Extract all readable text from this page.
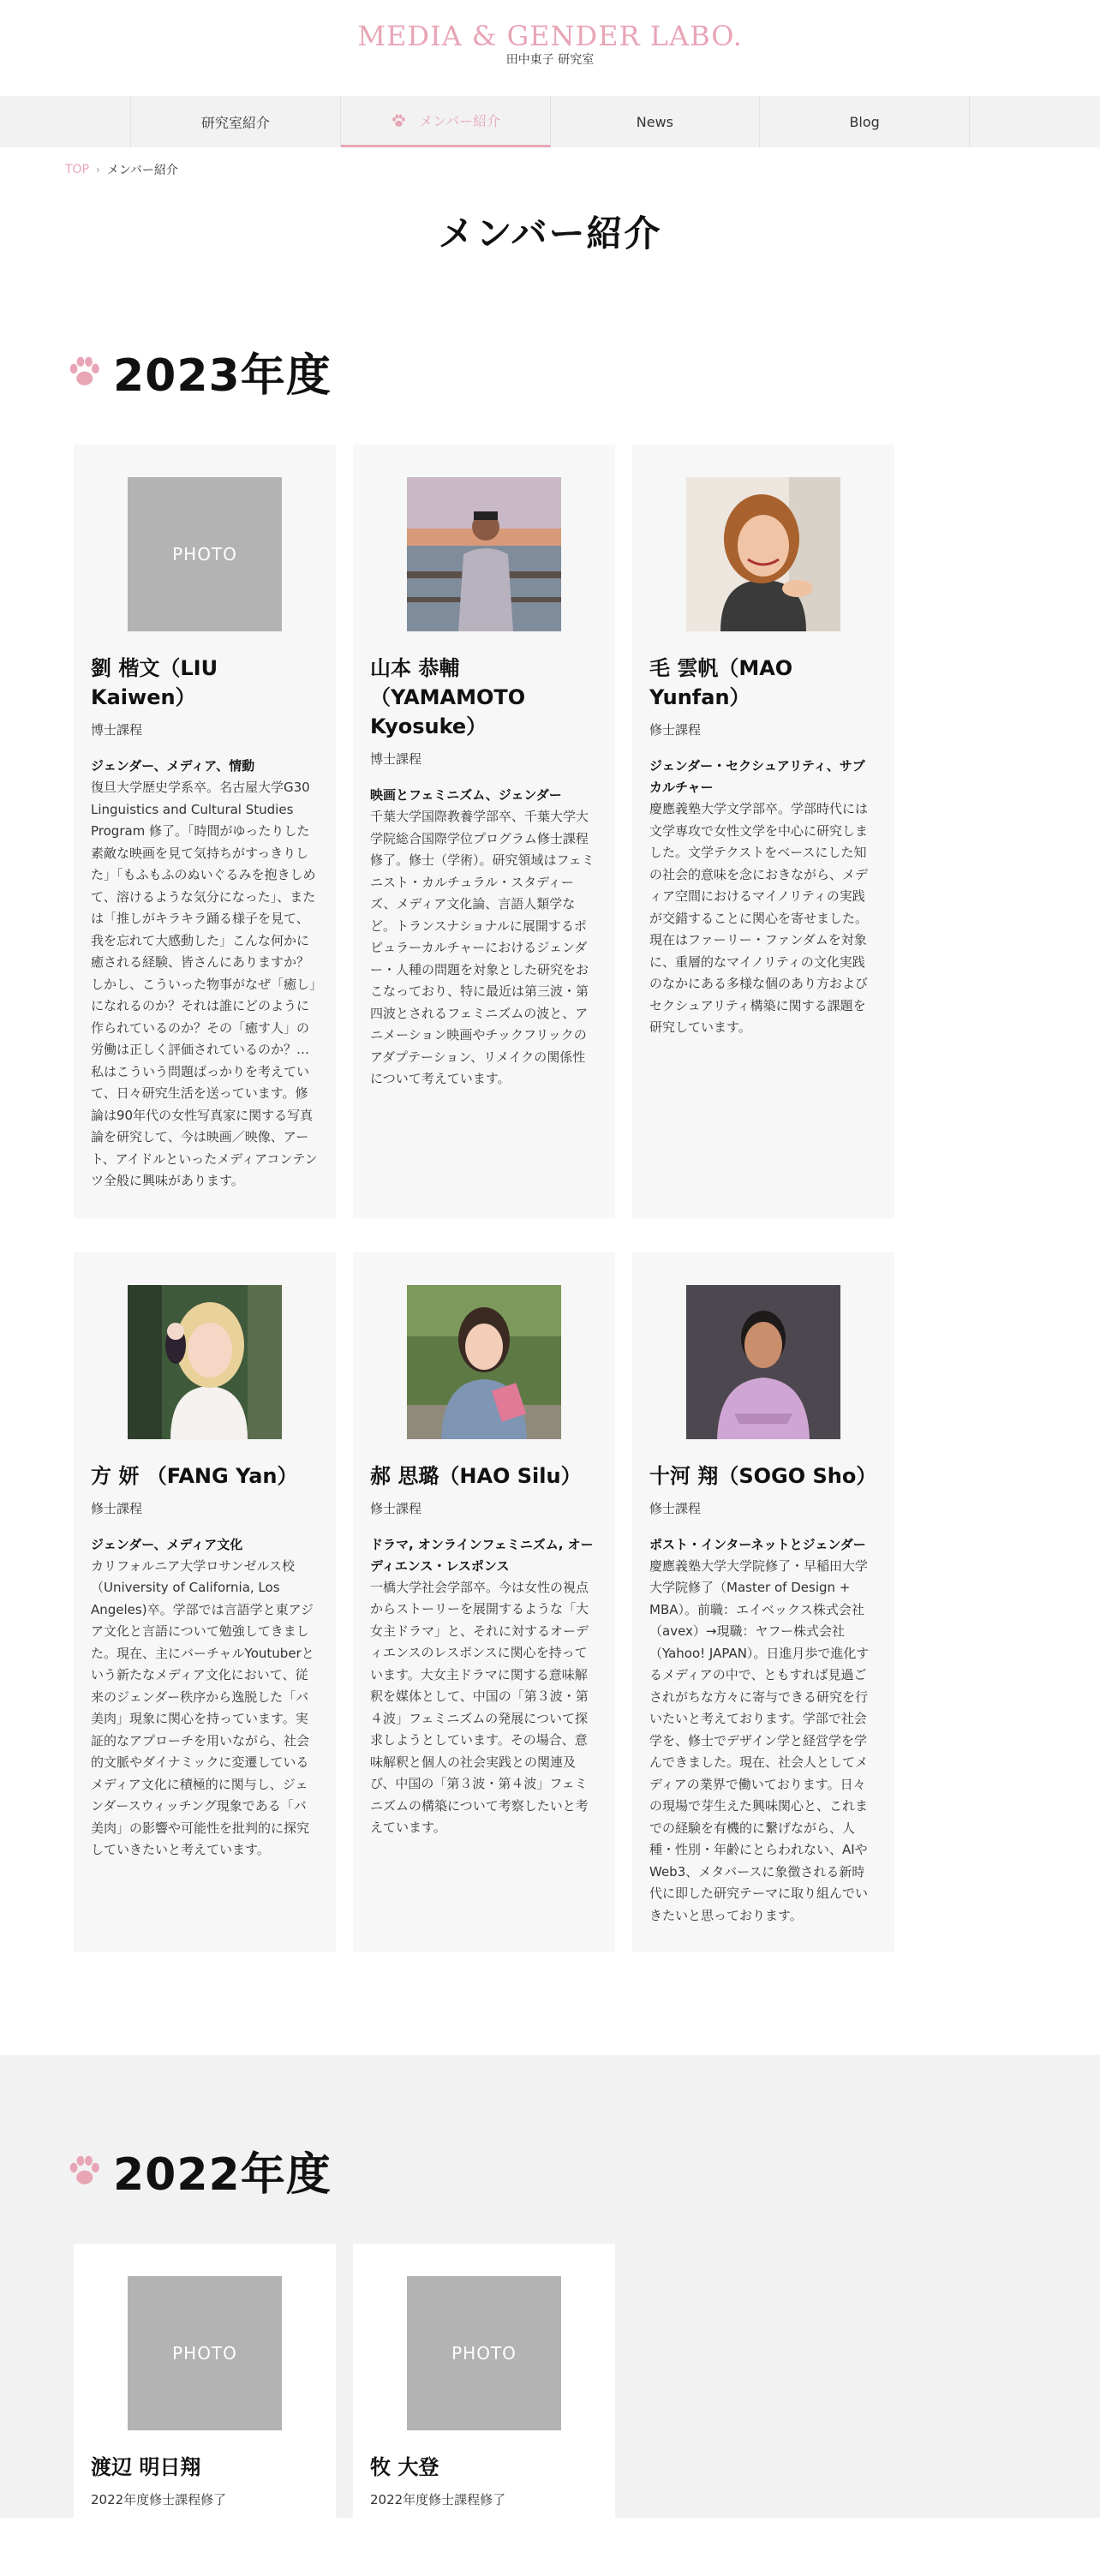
MEDIA & GENDER LABO.
田中東子 研究室
研究室紹介	メンバー紹介	News	Blog
TOP › メンバー紹介
メンバー紹介
2023年度
PHOTO
劉 楷文（LIU Kaiwen）
博士課程
ジェンダー、メディア、情動
復旦大学歴史学系卒。名古屋大学G30 Linguistics and Cultural Studies Program 修了。「時間がゆったりした素敵な映画を見て気持ちがすっきりした」「もふもふのぬいぐるみを抱きしめて、溶けるような気分になった」、または「推しがキラキラ踊る様子を見て、我を忘れて大感動した」こんな何かに癒される経験、皆さんにありますか？しかし、こういった物事がなぜ「癒し」になれるのか？それは誰にどのように作られているのか？その「癒す人」の労働は正しく評価されているのか？…私はこういう問題ばっかりを考えていて、日々研究生活を送っています。修論は90年代の女性写真家に関する写真論を研究して、今は映画／映像、アート、アイドルといったメディアコンテンツ全般に興味があります。
山本 恭輔（YAMAMOTO Kyosuke）
博士課程
映画とフェミニズム、ジェンダー
千葉大学国際教養学部卒、千葉大学大学院総合国際学位プログラム修士課程修了。修士（学術）。研究領域はフェミニスト・カルチュラル・スタディーズ、メディア文化論、言語人類学など。トランスナショナルに展開するポピュラーカルチャーにおけるジェンダー・人種の問題を対象とした研究をおこなっており、特に最近は第三波・第四波とされるフェミニズムの波と、アニメーション映画やチックフリックのアダプテーション、リメイクの関係性について考えています。
毛 雲帆（MAO Yunfan）
修士課程
ジェンダー・セクシュアリティ、サブカルチャー
慶應義塾大学文学部卒。学部時代には文学専攻で女性文学を中心に研究しました。文学テクストをベースにした知の社会的意味を念におきながら、メディア空間におけるマイノリティの実践が交錯することに関心を寄せました。現在はファーリー・ファンダムを対象に、重層的なマイノリティの文化実践のなかにある多様な個のあり方およびセクシュアリティ構築に関する課題を研究しています。
方 妍 （FANG Yan）
修士課程
ジェンダー、メディア文化
カリフォルニア大学ロサンゼルス校（University of California, Los Angeles)卒。学部では言語学と東アジア文化と言語について勉強してきました。現在、主にバーチャルYoutuberという新たなメディア文化において、従来のジェンダー秩序から逸脱した「バ美肉」現象に関心を持っています。実証的なアプローチを用いながら、社会的文脈やダイナミックに変遷しているメディア文化に積極的に関与し、ジェンダースウィッチング現象である「バ美肉」の影響や可能性を批判的に探究していきたいと考えています。
郝 思璐（HAO Silu）
修士課程
ドラマ, オンラインフェミニズム, オーディエンス・レスポンス
一橋大学社会学部卒。今は女性の視点からストーリーを展開するような「大女主ドラマ」と、それに対するオーディエンスのレスポンスに関心を持っています。大女主ドラマに関する意味解釈を媒体として、中国の「第３波・第４波」フェミニズムの発展について探求しようとしています。その場合、意味解釈と個人の社会実践との関連及び、中国の「第３波・第４波」フェミニズムの構築について考察したいと考えています。
十河 翔（SOGO Sho）
修士課程
ポスト・インターネットとジェンダー
慶應義塾大学大学院修了・早稲田大学大学院修了（Master of Design + MBA）。前職：エイベックス株式会社（avex）→現職：ヤフー株式会社（Yahoo! JAPAN）。日進月歩で進化するメディアの中で、ともすれば見過ごされがちな方々に寄与できる研究を行いたいと考えております。学部で社会学を、修士でデザイン学と経営学を学んできました。現在、社会人としてメディアの業界で働いております。日々の現場で芽生えた興味関心と、これまでの経験を有機的に繋げながら、人種・性別・年齢にとらわれない、AIやWeb3、メタバースに象徴される新時代に即した研究テーマに取り組んでいきたいと思っております。
2022年度
PHOTO
渡辺 明日翔
2022年度修士課程修了
PHOTO
牧 大登
2022年度修士課程修了
